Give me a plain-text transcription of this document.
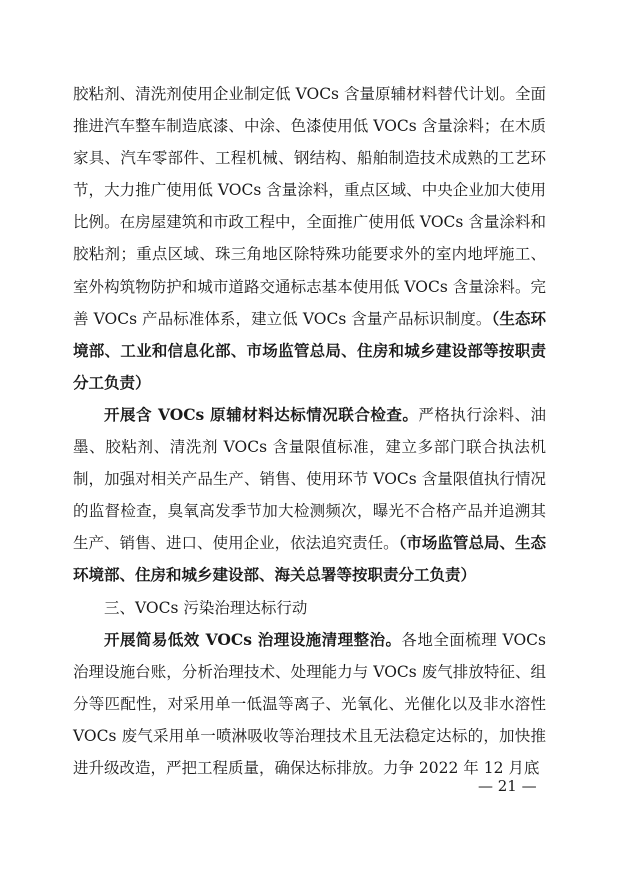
胶粘剂、清洗剂使用企业制定低 VOCs 含量原辅材料替代计划。全面推进汽车整车制造底漆、中涂、色漆使用低 VOCs 含量涂料；在木质家具、汽车零部件、工程机械、钢结构、船舶制造技术成熟的工艺环节，大力推广使用低 VOCs 含量涂料，重点区域、中央企业加大使用比例。在房屋建筑和市政工程中，全面推广使用低 VOCs 含量涂料和胶粘剂；重点区域、珠三角地区除特殊功能要求外的室内地坪施工、室外构筑物防护和城市道路交通标志基本使用低 VOCs 含量涂料。完善 VOCs 产品标准体系，建立低 VOCs 含量产品标识制度。（生态环境部、工业和信息化部、市场监管总局、住房和城乡建设部等按职责分工负责）

开展含 VOCs 原辅材料达标情况联合检查。严格执行涂料、油墨、胶粘剂、清洗剂 VOCs 含量限值标准，建立多部门联合执法机制，加强对相关产品生产、销售、使用环节 VOCs 含量限值执行情况的监督检查，臭氧高发季节加大检测频次，曝光不合格产品并追溯其生产、销售、进口、使用企业，依法追究责任。（市场监管总局、生态环境部、住房和城乡建设部、海关总署等按职责分工负责）

三、VOCs 污染治理达标行动

开展简易低效 VOCs 治理设施清理整治。各地全面梳理 VOCs 治理设施台账，分析治理技术、处理能力与 VOCs 废气排放特征、组分等匹配性，对采用单一低温等离子、光氧化、光催化以及非水溶性 VOCs 废气采用单一喷淋吸收等治理技术且无法稳定达标的，加快推进升级改造，严把工程质量，确保达标排放。力争 2022 年 12 月底

— 21 —
